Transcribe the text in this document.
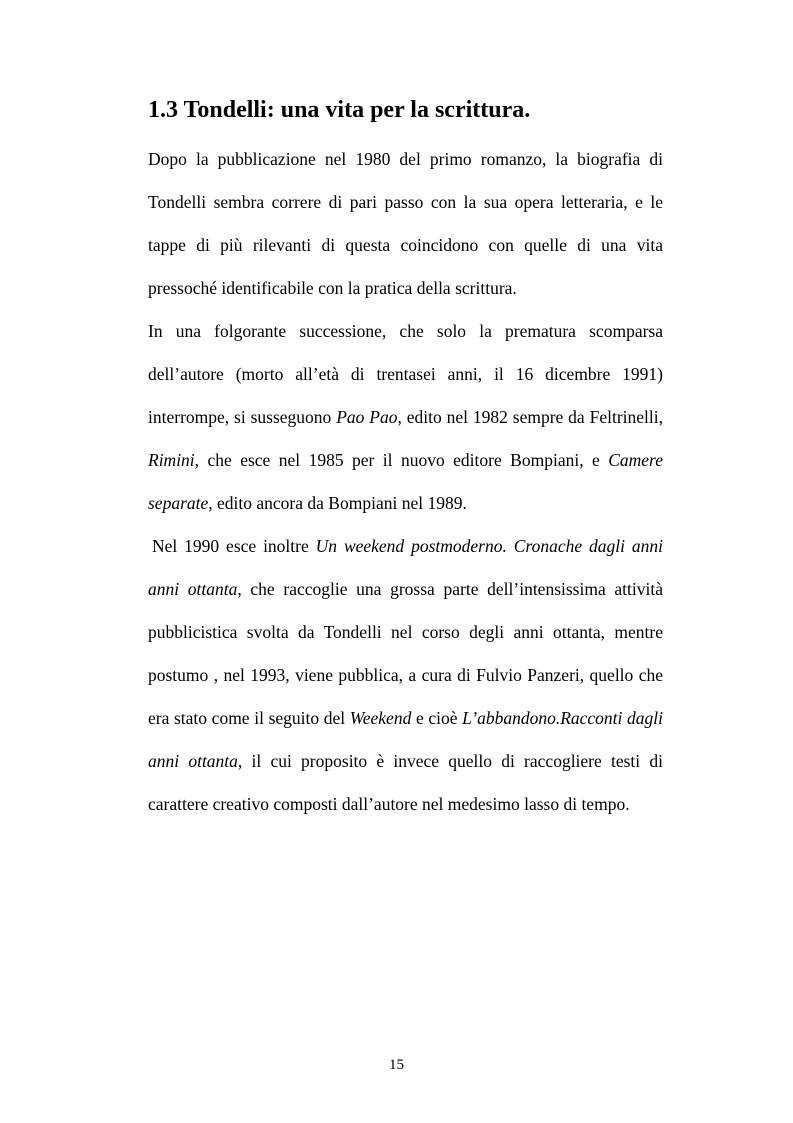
1.3 Tondelli: una vita per la scrittura.

Dopo la pubblicazione nel 1980 del primo romanzo, la biografia di Tondelli sembra correre di pari passo con la sua opera letteraria, e le tappe di più rilevanti di questa coincidono con quelle di una vita pressoché identificabile con la pratica della scrittura.

In una folgorante successione, che solo la prematura scomparsa dell’autore (morto all’età di trentasei anni, il 16 dicembre 1991) interrompe, si susseguono Pao Pao, edito nel 1982 sempre da Feltrinelli, Rimini, che esce nel 1985 per il nuovo editore Bompiani, e Camere separate, edito ancora da Bompiani nel 1989.

Nel 1990 esce inoltre Un weekend postmoderno. Cronache dagli anni anni ottanta, che raccoglie una grossa parte dell’intensissima attività pubblicistica svolta da Tondelli nel corso degli anni ottanta, mentre postumo , nel 1993, viene pubblica, a cura di Fulvio Panzeri, quello che era stato come il seguito del Weekend e cioè L’abbandono.Racconti dagli anni ottanta, il cui proposito è invece quello di raccogliere testi di carattere creativo composti dall’autore nel medesimo lasso di tempo.

15
